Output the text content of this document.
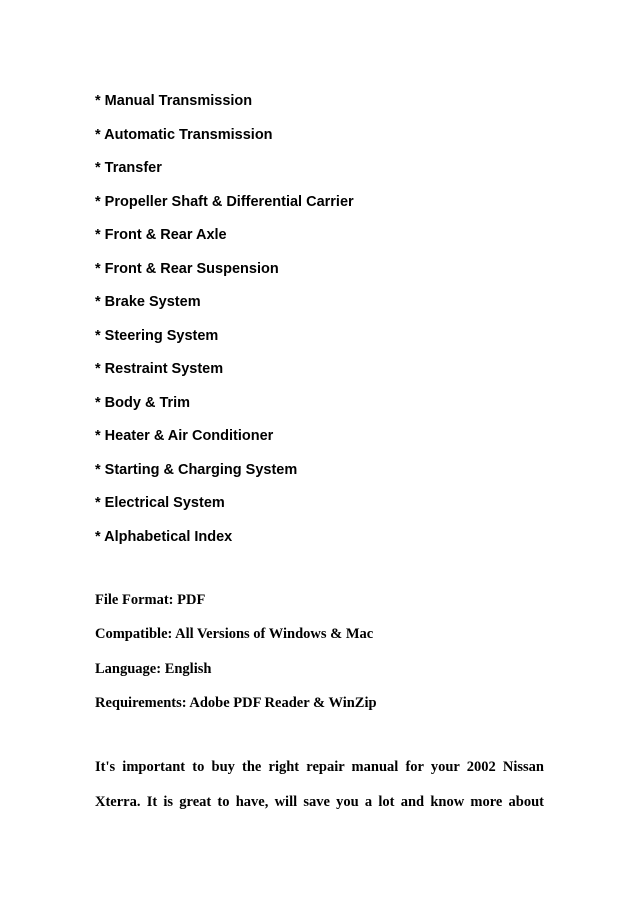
* Manual Transmission
* Automatic Transmission
* Transfer
* Propeller Shaft & Differential Carrier
* Front & Rear Axle
* Front & Rear Suspension
* Brake System
* Steering System
* Restraint System
* Body & Trim
* Heater & Air Conditioner
* Starting & Charging System
* Electrical System
* Alphabetical Index
File Format: PDF
Compatible: All Versions of Windows & Mac
Language: English
Requirements: Adobe PDF Reader & WinZip
It's important to buy the right repair manual for your 2002 Nissan
Xterra. It is great to have, will save you a lot and know more about
